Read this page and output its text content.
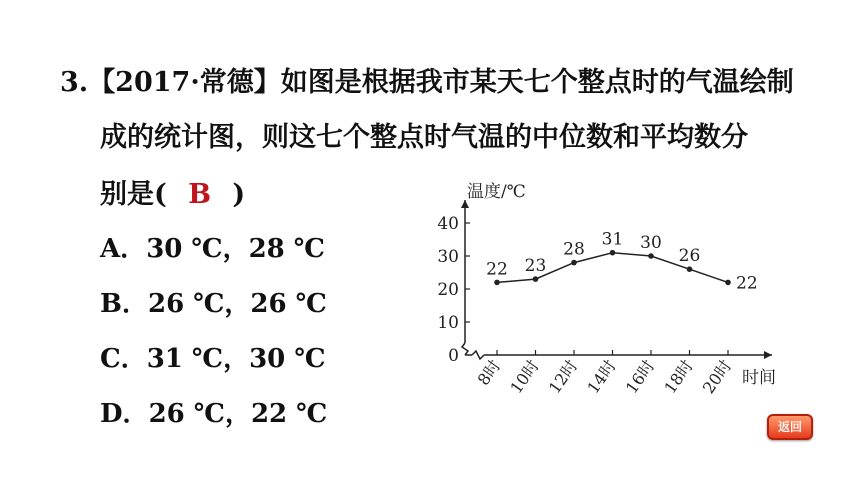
3.【2017·常德】如图是根据我市某天七个整点时的气温绘制
成的统计图，则这七个整点时气温的中位数和平均数分
别是( B )
A．30 ℃，28 ℃
B．26 ℃，26 ℃
C．31 ℃，30 ℃
D．26 ℃，22 ℃
0
10
20
30
40
温度/℃
时间
8时 10时 12时 14时 16时 18时 20时
22 23
28 31 30
26
22
返回
